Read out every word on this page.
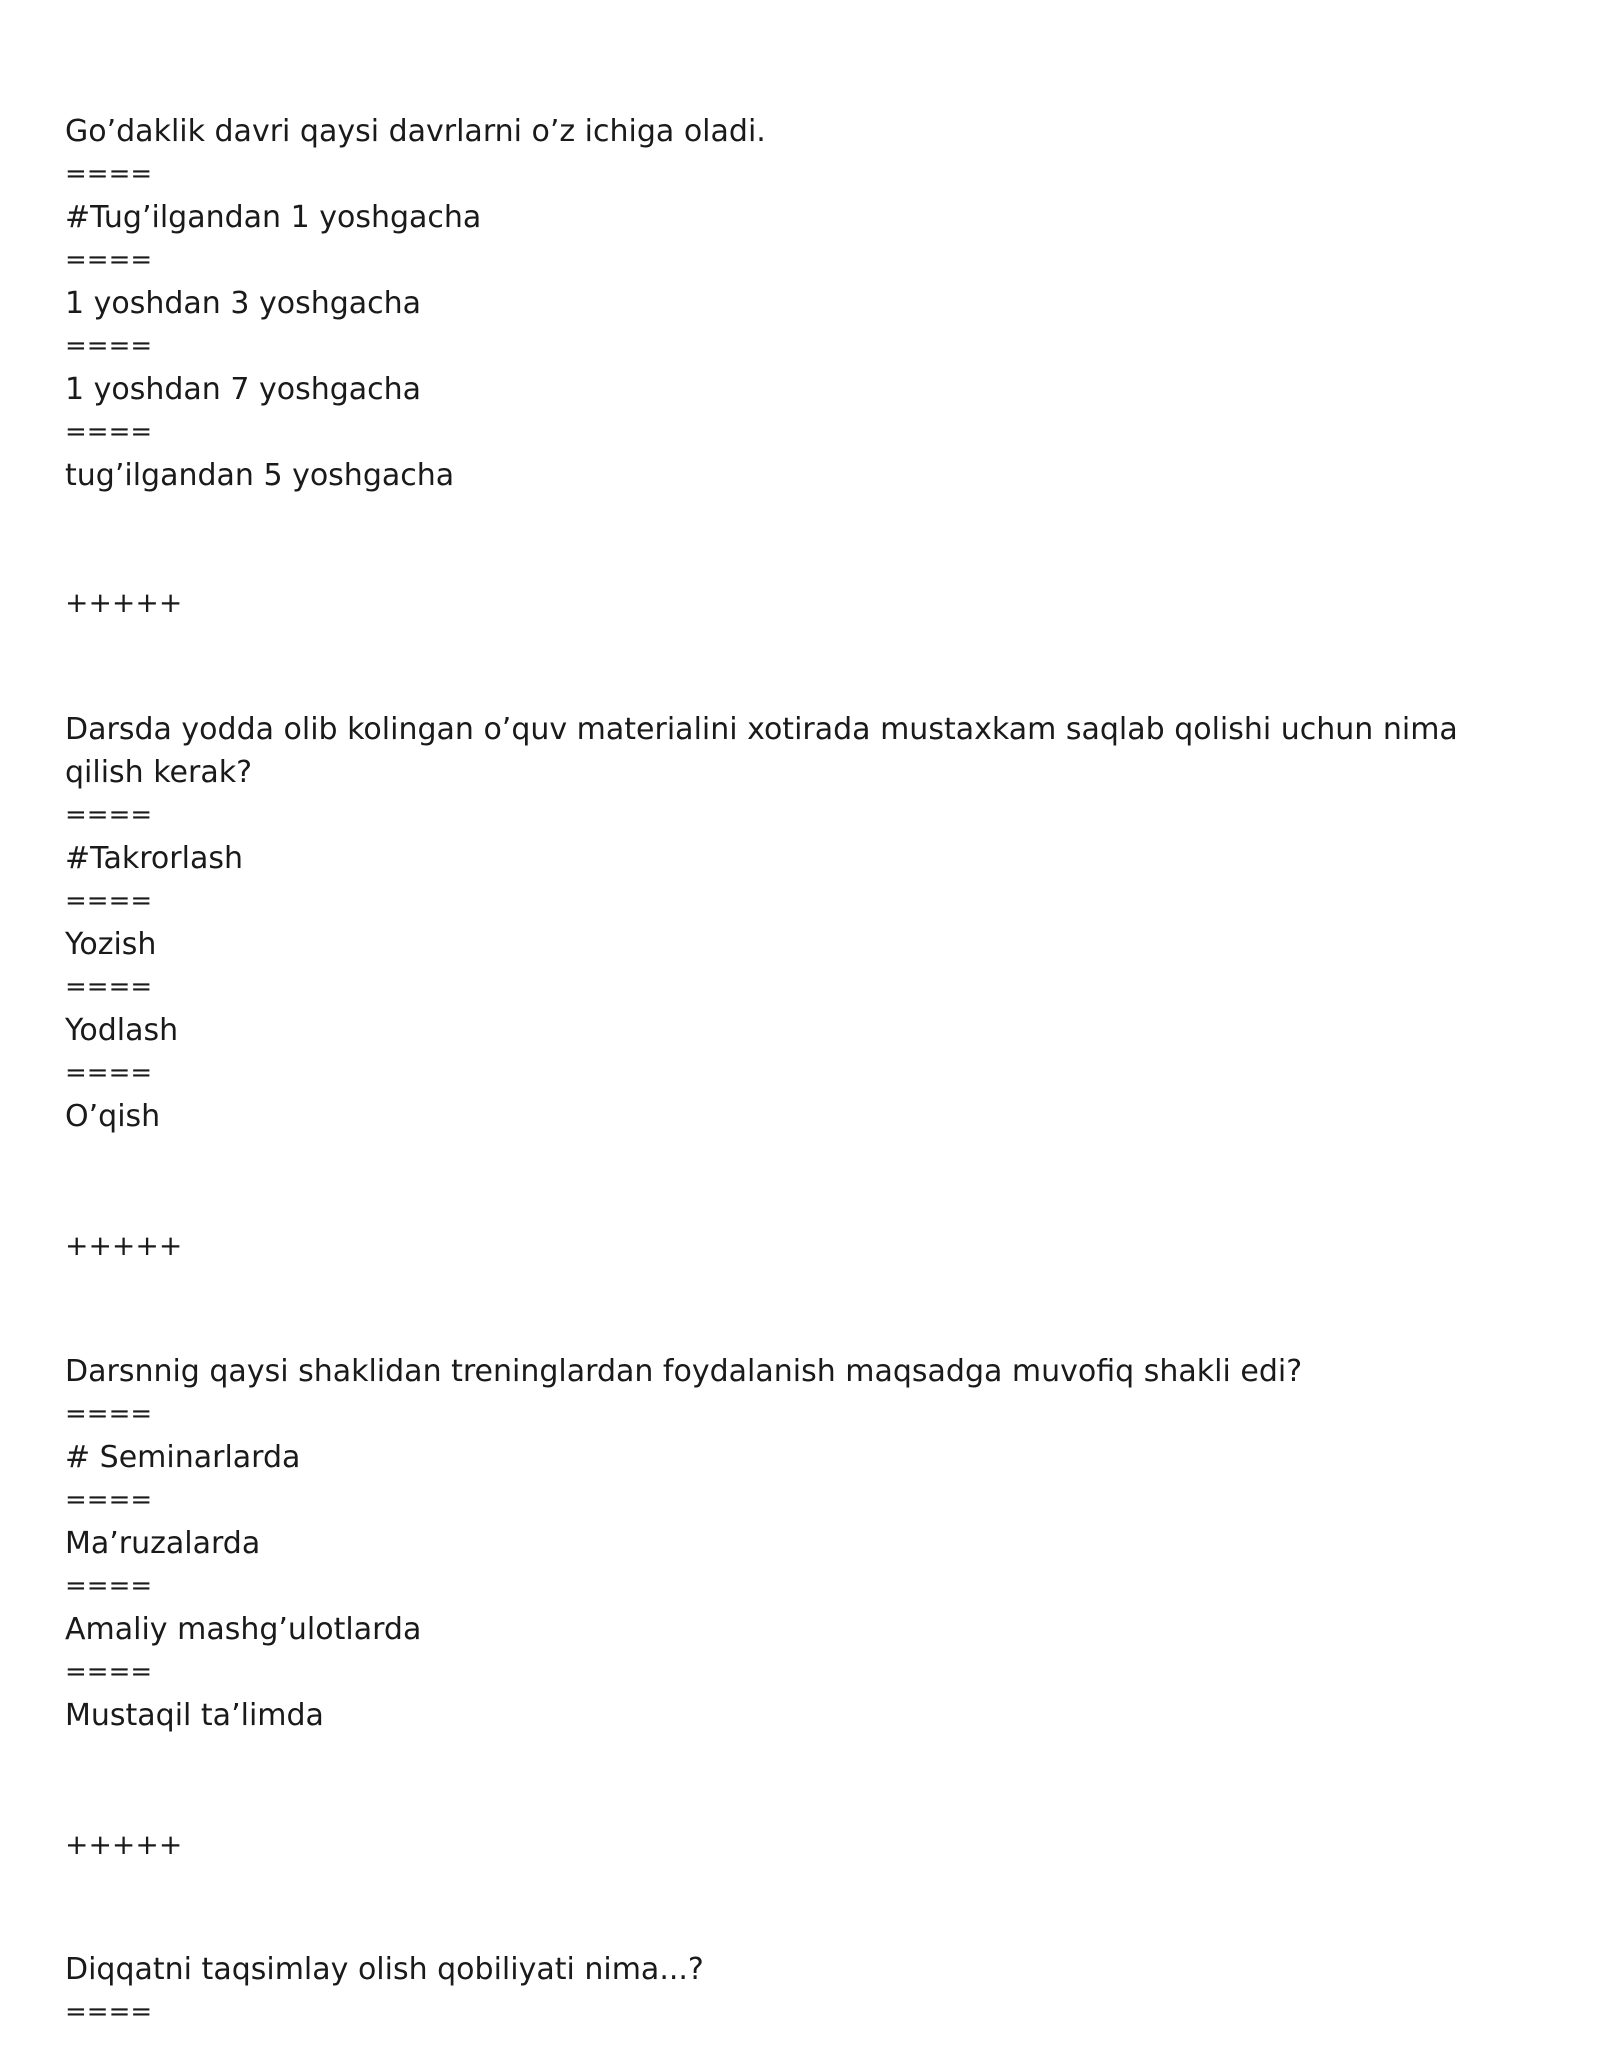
Go’daklik davri qaysi davrlarni o’z ichiga oladi.
====
#Tug’ilgandan 1 yoshgacha
====
1 yoshdan 3 yoshgacha
====
1 yoshdan 7 yoshgacha
====
tug’ilgandan 5 yoshgacha
+++++
Darsda yodda olib kolingan o’quv materialini xotirada mustaxkam saqlab qolishi uchun nima qilish kerak?
====
#Takrorlash
====
Yozish
====
Yodlash
====
O’qish
+++++
Darsnnig qaysi shaklidan treninglardan foydalanish maqsadga muvofiq shakli edi?
====
# Seminarlarda
====
Ma’ruzalarda
====
Amaliy mashg’ulotlarda
====
Mustaqil ta’limda
+++++
Diqqatni taqsimlay olish qobiliyati nima...?
====
